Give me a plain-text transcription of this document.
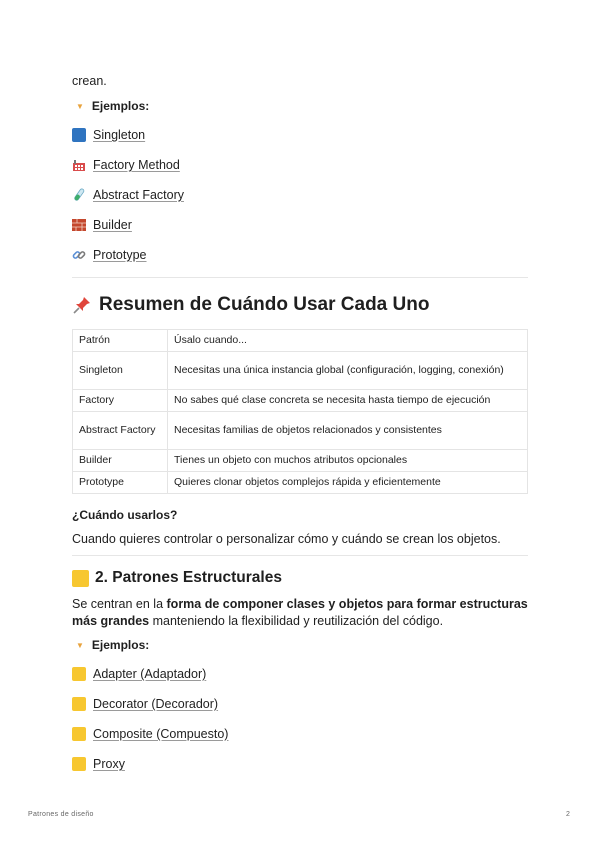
crean.
▼ Ejemplos:
Singleton
Factory Method
Abstract Factory
Builder
Prototype
Resumen de Cuándo Usar Cada Uno
Patrón	Úsalo cuando...
Singleton	Necesitas una única instancia global (configuración, logging, conexión)
Factory	No sabes qué clase concreta se necesita hasta tiempo de ejecución
Abstract Factory	Necesitas familias de objetos relacionados y consistentes
Builder	Tienes un objeto con muchos atributos opcionales
Prototype	Quieres clonar objetos complejos rápida y eficientemente
¿Cuándo usarlos?
Cuando quieres controlar o personalizar cómo y cuándo se crean los objetos.
2. Patrones Estructurales
Se centran en la forma de componer clases y objetos para formar estructuras más grandes manteniendo la flexibilidad y reutilización del código.
▼ Ejemplos:
Adapter (Adaptador)
Decorator (Decorador)
Composite (Compuesto)
Proxy
Patrones de diseño	2
